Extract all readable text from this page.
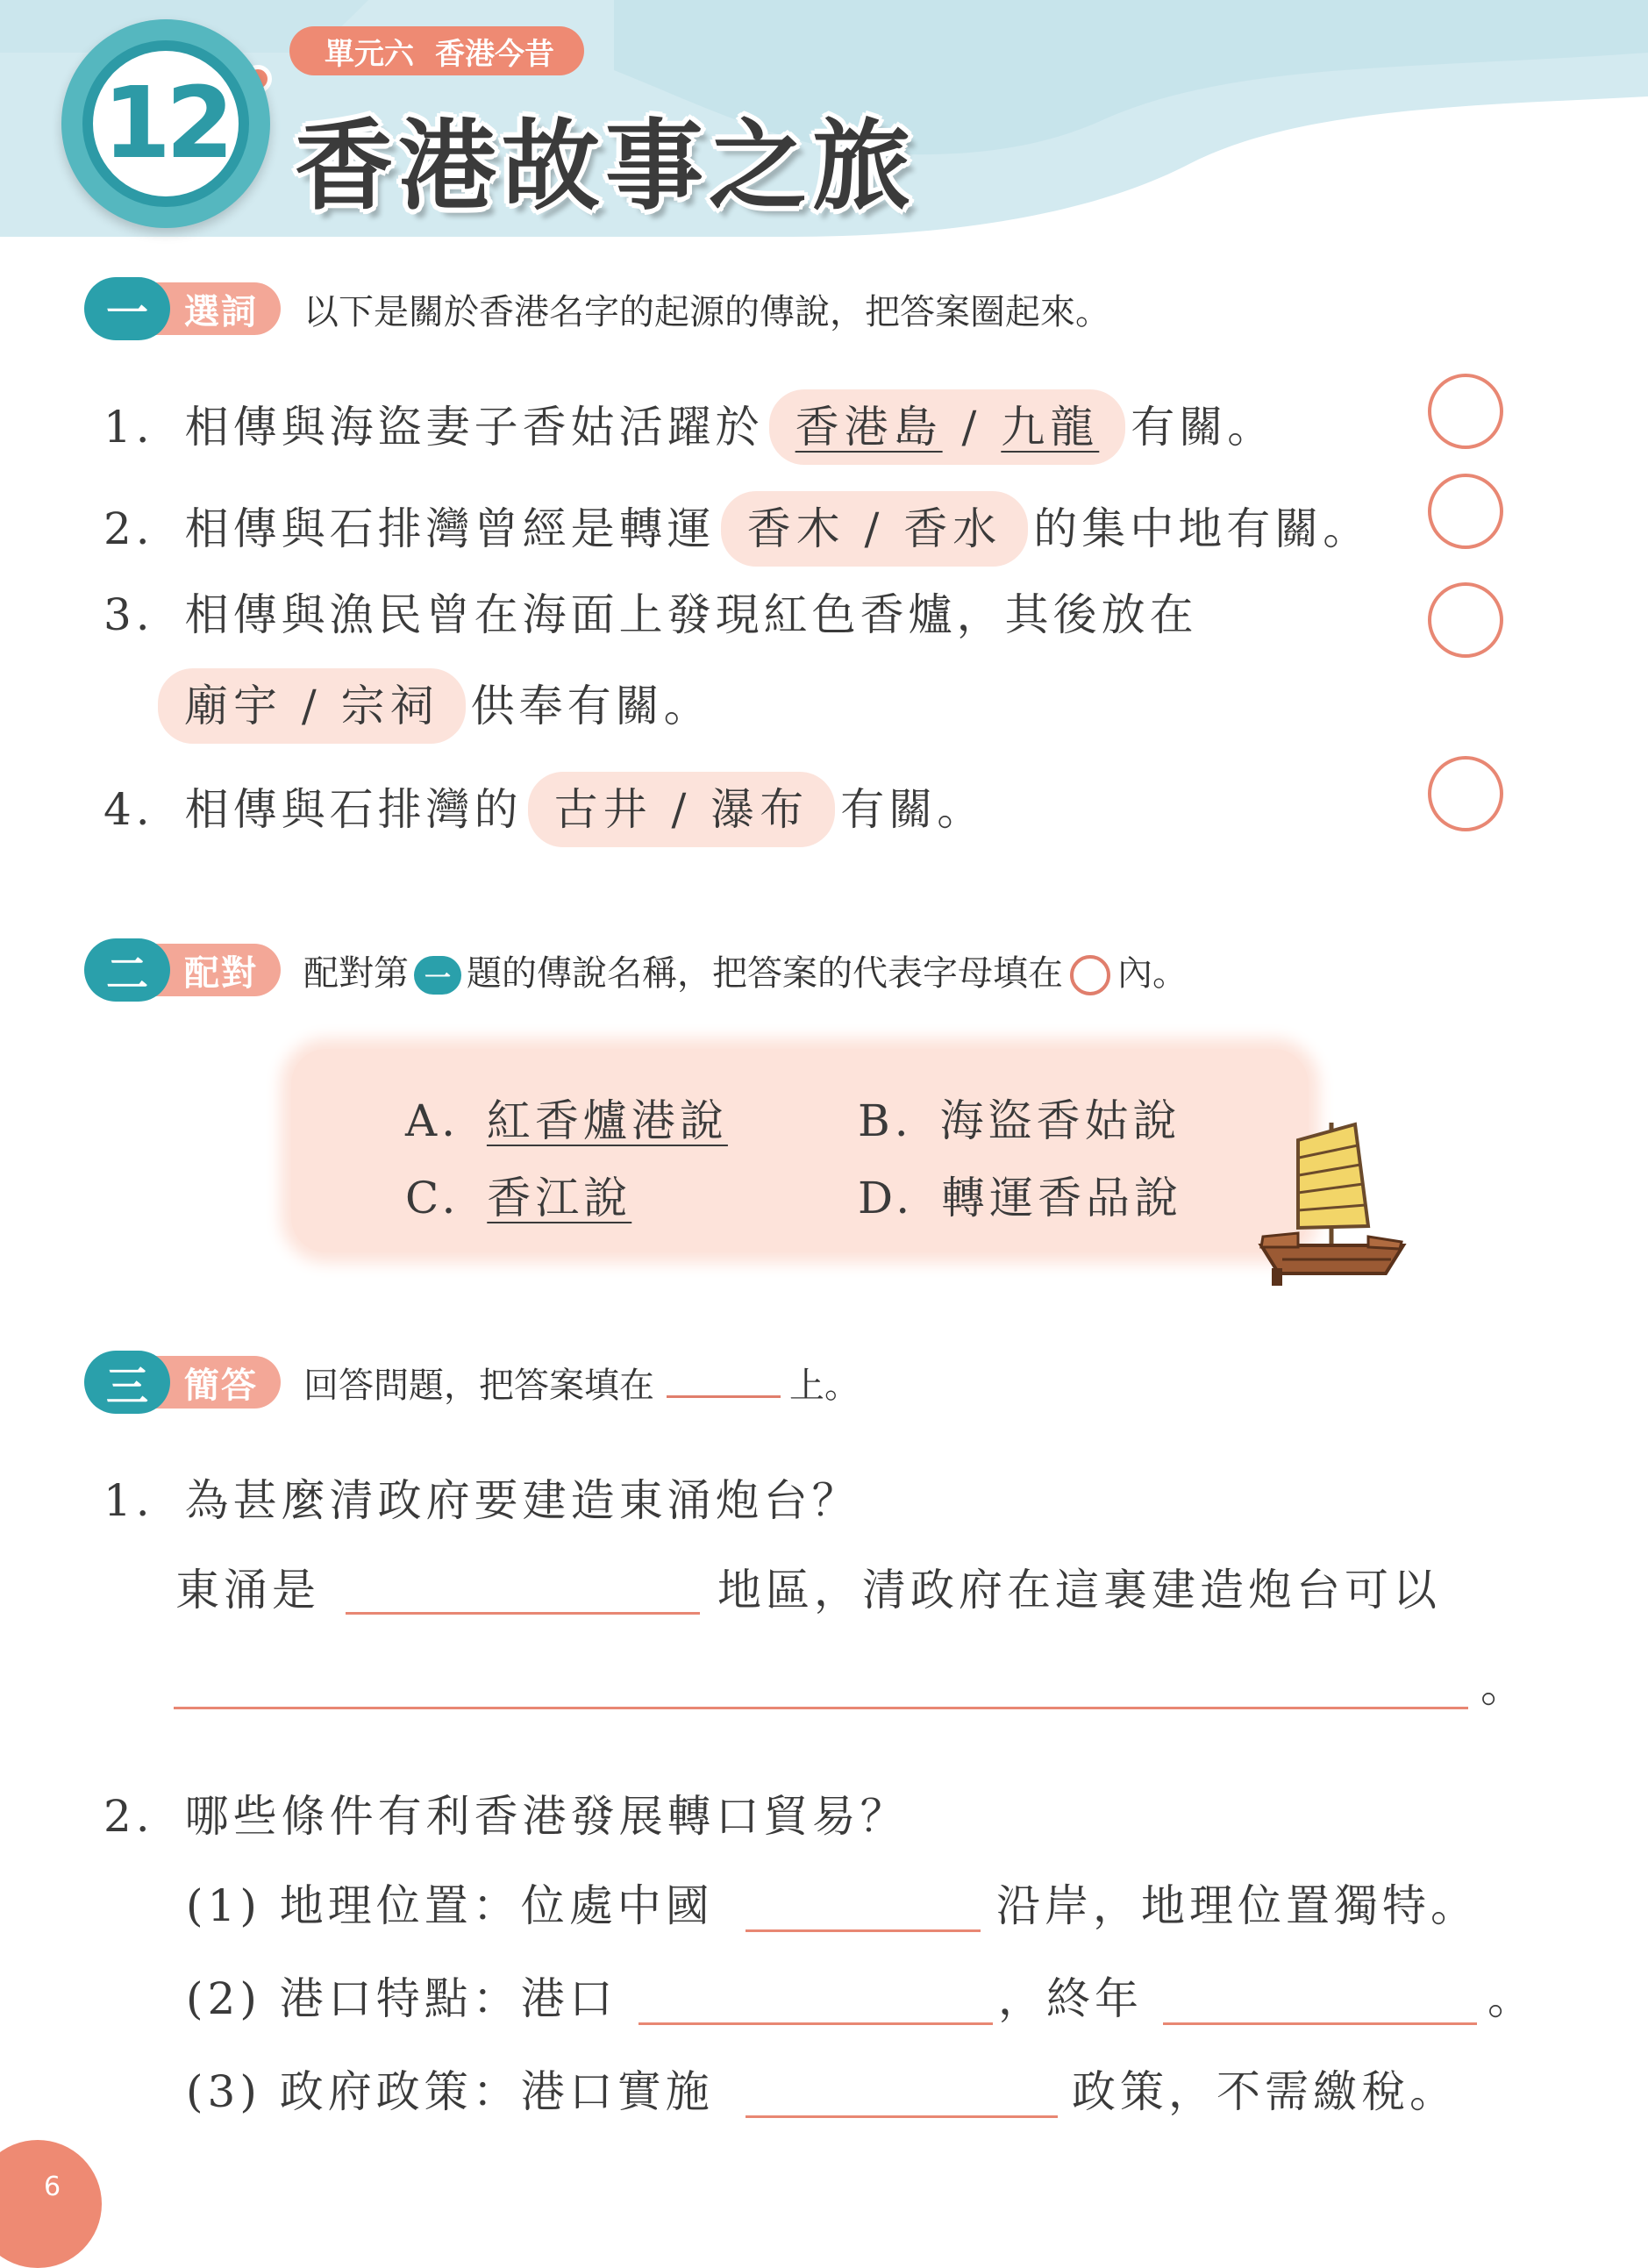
單元六 香港今昔
12 香港故事之旅
一	選詞	以下是關於香港名字的起源的傳說，把答案圈起來。
1. 相傳與海盜妻子香姑活躍於 香港島 / 九龍 有關。
2. 相傳與石排灣曾經是轉運 香木 / 香水 的集中地有關。
3. 相傳與漁民曾在海面上發現紅色香爐，其後放在
廟宇 / 宗祠 供奉有關。
4. 相傳與石排灣的 古井 / 瀑布 有關。
二	配對	配對第 一 題的傳說名稱，把答案的代表字母填在 內。
A. 紅香爐港說	B. 海盜香姑說
C. 香江說	D. 轉運香品說
三	簡答	回答問題，把答案填在	上。
1. 為甚麼清政府要建造東涌炮台？
東涌是	地區，清政府在這裏建造炮台可以
。
2. 哪些條件有利香港發展轉口貿易？
(1) 地理位置：位處中國	沿岸，地理位置獨特。
(2) 港口特點：港口	，終年	。
(3) 政府政策：港口實施	政策，不需繳稅。
6
